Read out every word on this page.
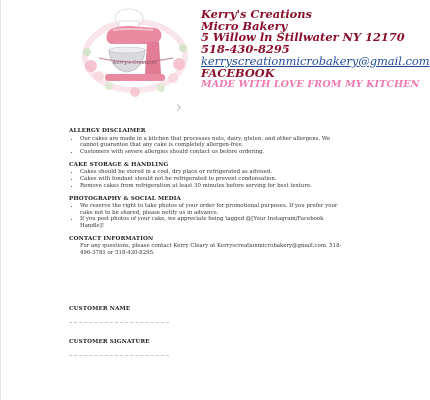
Kerry's Creations
Kerry's Creations
Micro Bakery
5 Willow ln Stillwater NY 12170
518-430-8295
kerryscreationmicrobakery@gmail.com
FACEBOOK
MADE WITH LOVE FROM MY KITCHEN
ALLERGY DISCLAIMER
• Our cakes are made in a kitchen that processes nuts, dairy, gluten, and other allergens. We cannot guarantee that any cake is completely allergen-free.
• Customers with severe allergies should contact us before ordering.
CAKE STORAGE & HANDLING
• Cakes should be stored in a cool, dry place or refrigerated as advised.
• Cakes with fondant should not be refrigerated to prevent condensation.
• Remove cakes from refrigeration at least 30 minutes before serving for best texture.
PHOTOGRAPHY & SOCIAL MEDIA
• We reserve the right to take photos of your order for promotional purposes. If you prefer your cake not to be shared, please notify us in advance.
• If you post photos of your cake, we appreciate being tagged @[Your Instagram/Facebook Handle]!
CONTACT INFORMATION
For any questions, please contact Kerry Cleary at Kerryscreationmicrobakery@gmail.com. 518-496-3781 or 518-430-8295.
CUSTOMER NAME
CUSTOMER SIGNATURE
